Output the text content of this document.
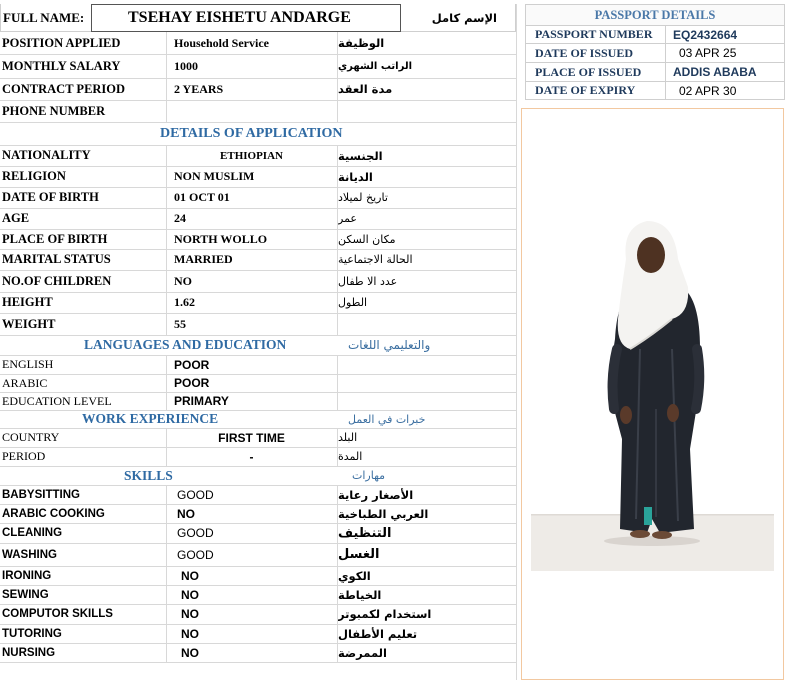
FULL NAME:	TSEHAY EISHETU ANDARGE	الإسم كامل
POSITION APPLIED	Household Service	الوظيفة
MONTHLY SALARY	1000	الراتب الشهري
CONTRACT PERIOD	2 YEARS	مدة العقد
PHONE NUMBER
DETAILS OF APPLICATION
NATIONALITY	ETHIOPIAN	الجنسية
RELIGION	NON MUSLIM	الديانة
DATE OF BIRTH	01 OCT 01	تاريخ لميلاد
AGE	24	عمر
PLACE OF BIRTH	NORTH WOLLO	مكان السكن
MARITAL STATUS	MARRIED	الحالة الاجتماعية
NO.OF CHILDREN	NO	عدد الا طفال
HEIGHT	1.62	الطول
WEIGHT	55
LANGUAGES AND EDUCATION	والتعليمي اللغات
ENGLISH	POOR
ARABIC	POOR
EDUCATION LEVEL	PRIMARY
WORK EXPERIENCE	خبرات في العمل
COUNTRY	FIRST TIME	البلد
PERIOD	-	المدة
SKILLS	مهارات
BABYSITTING	GOOD	الأصغار رعاية
ARABIC COOKING	NO	العربي الطباخية
CLEANING	GOOD	التنظيف
WASHING	GOOD	الغسل
IRONING	NO	الكوي
SEWING	NO	الخياطة
COMPUTOR SKILLS	NO	استخدام لكمبوتر
TUTORING	NO	تعليم الأطفال
NURSING	NO	الممرضة
PASSPORT DETAILS
PASSPORT NUMBER	EQ2432664
DATE OF ISSUED	03 APR 25
PLACE OF ISSUED	ADDIS ABABA
DATE OF EXPIRY	02 APR 30
